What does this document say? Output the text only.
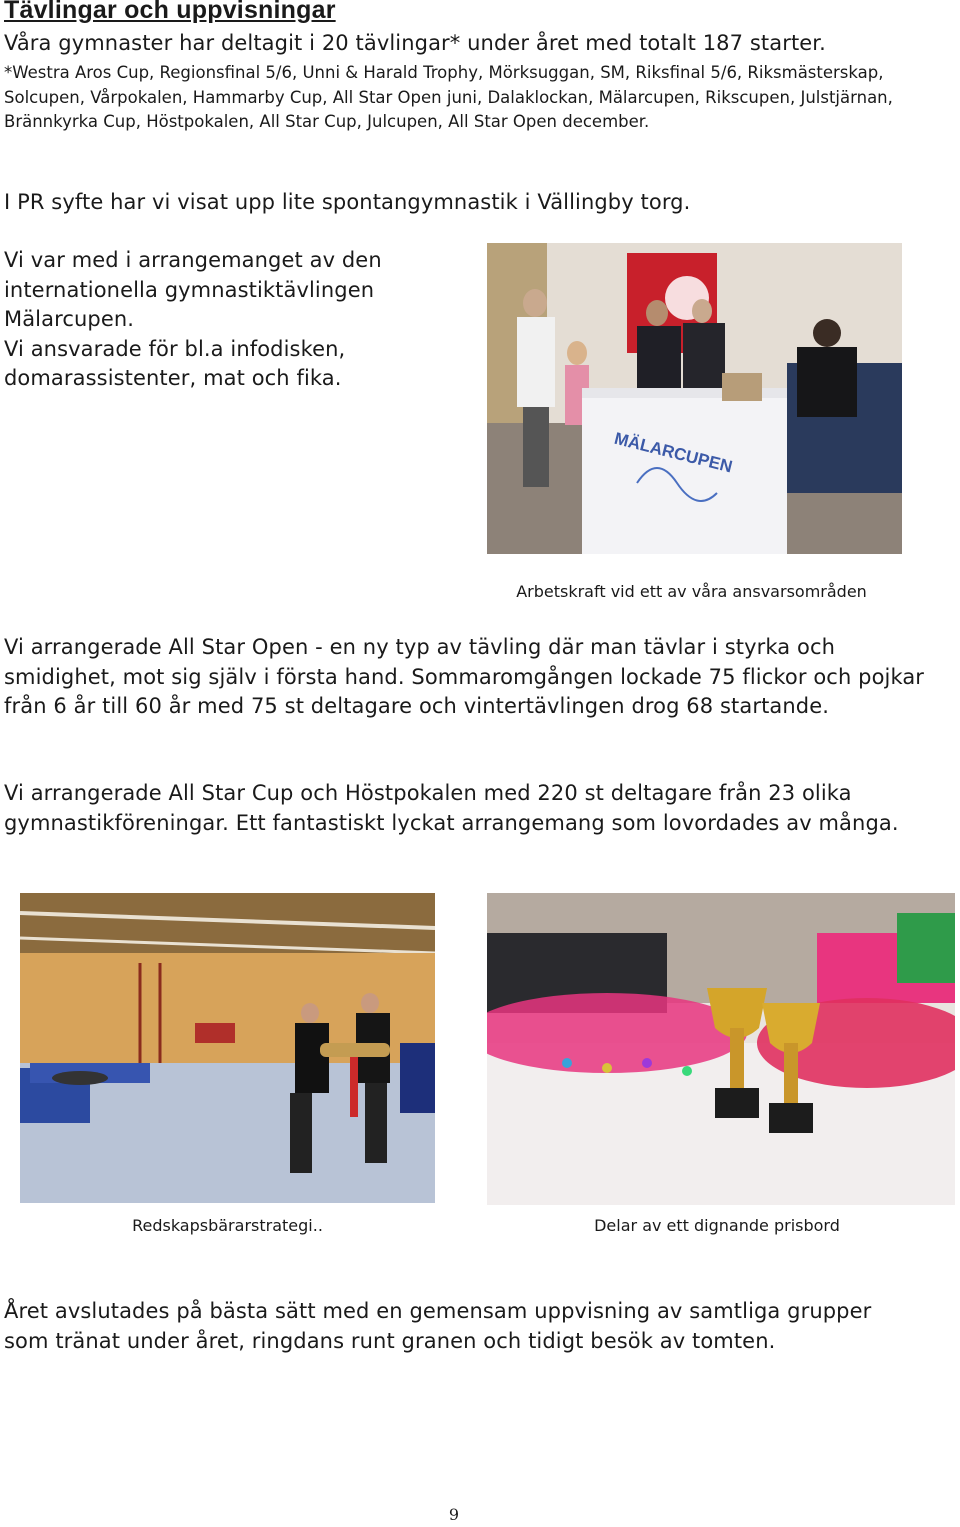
Tävlingar och uppvisningar

Våra gymnaster har deltagit i 20 tävlingar* under året med totalt 187 starter.

*Westra Aros Cup, Regionsfinal 5/6, Unni & Harald Trophy, Mörksuggan, SM, Riksfinal 5/6, Riksmästerskap, Solcupen, Vårpokalen, Hammarby Cup, All Star Open juni, Dalaklockan, Mälarcupen, Rikscupen, Julstjärnan, Brännkyrka Cup, Höstpokalen, All Star Cup, Julcupen, All Star Open december.

I PR syfte har vi visat upp lite spontangymnastik i Vällingby torg.

Vi var med i arrangemanget av den internationella gymnastiktävlingen Mälarcupen.
Vi ansvarade för bl.a infodisken, domarassistenter, mat och fika.
MÄLARCUPEN
Arbetskraft vid ett av våra ansvarsområden

Vi arrangerade All Star Open - en ny typ av tävling där man tävlar i styrka och smidighet, mot sig själv i första hand. Sommaromgången lockade 75 flickor och pojkar från 6 år till 60 år med 75 st deltagare och vintertävlingen drog 68 startande.

Vi arrangerade All Star Cup och Höstpokalen med 220 st deltagare från 23 olika gymnastikföreningar. Ett fantastiskt lyckat arrangemang som lovordades av många.

Redskapsbärarstrategi..	Delar av ett dignande prisbord

Året avslutades på bästa sätt med en gemensam uppvisning av samtliga grupper som tränat under året, ringdans runt granen och tidigt besök av tomten.

9
